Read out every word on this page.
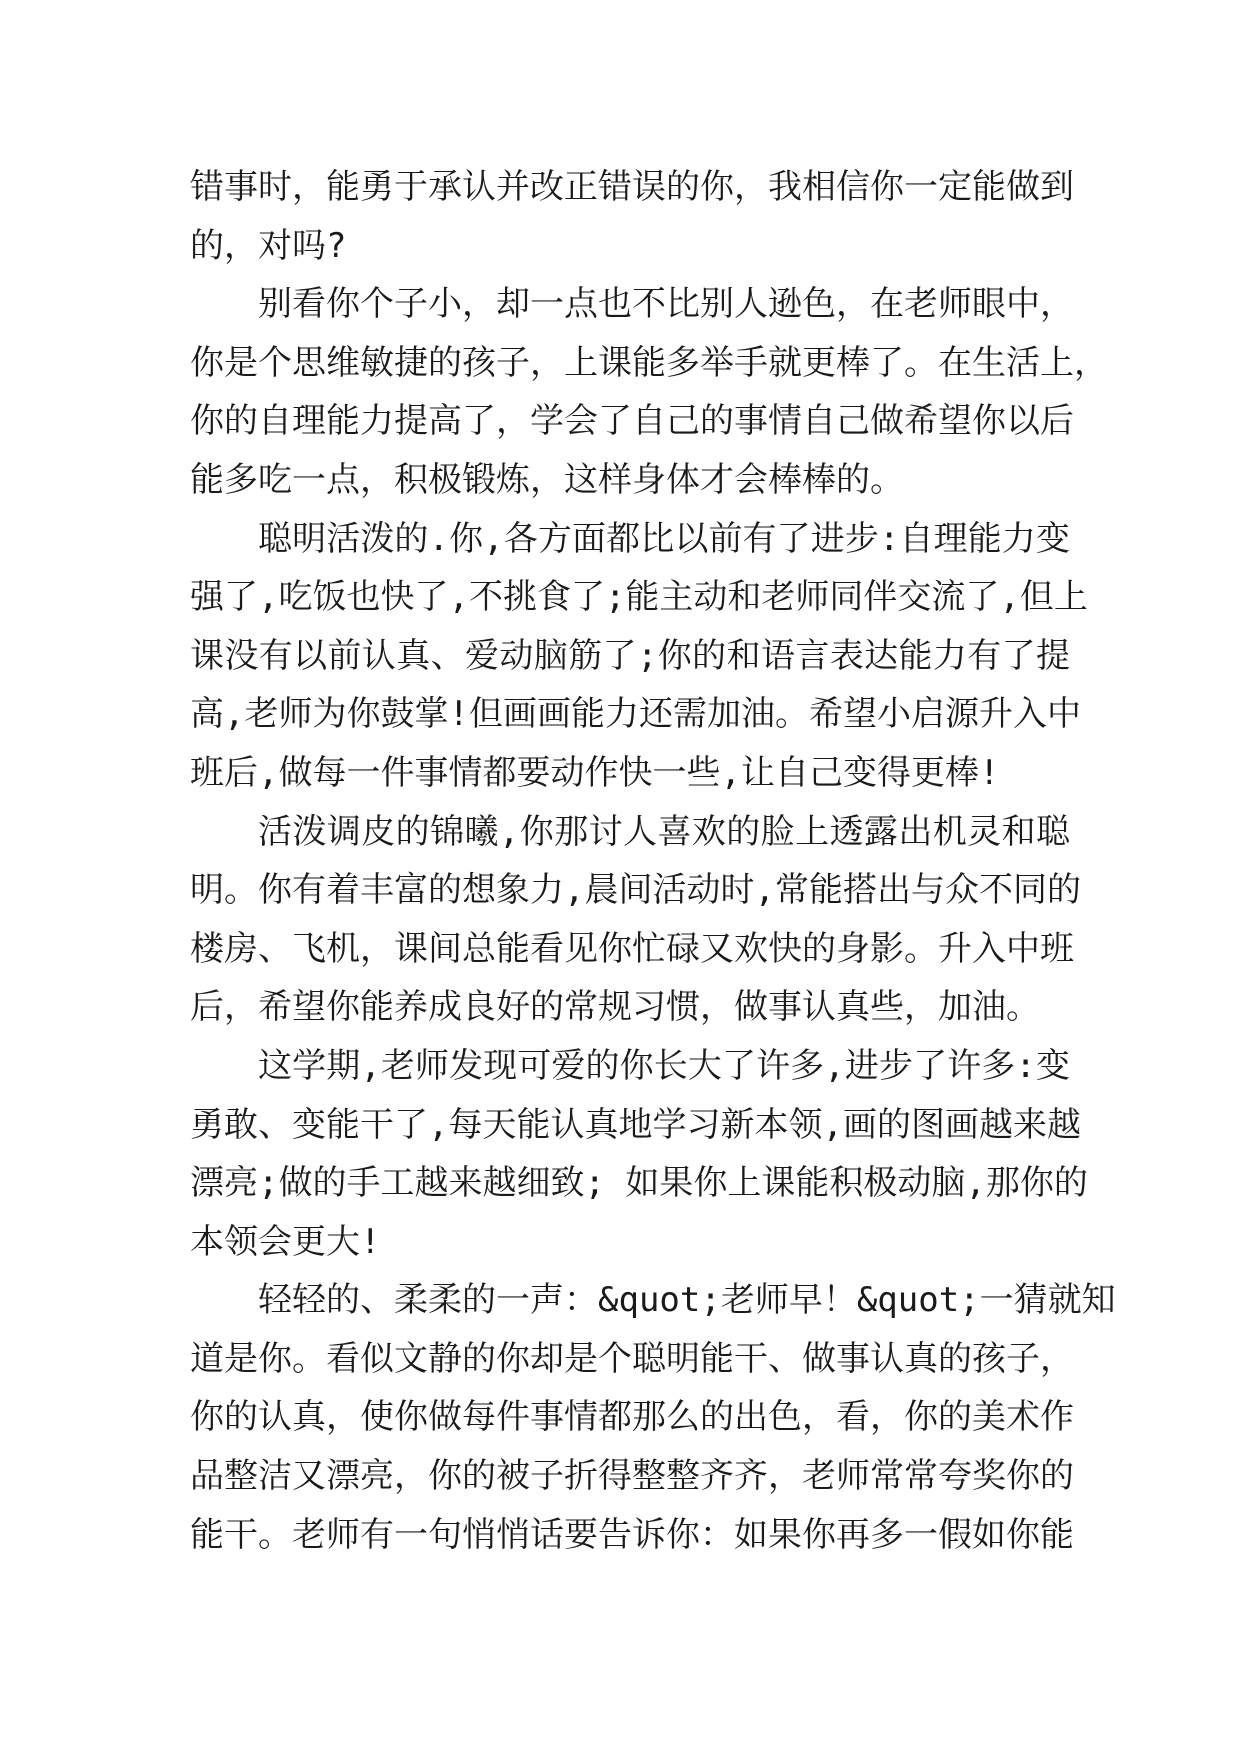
错事时，能勇于承认并改正错误的你，我相信你一定能做到
的，对吗?
别看你个子小，却一点也不比别人逊色，在老师眼中，
你是个思维敏捷的孩子，上课能多举手就更棒了。在生活上，
你的自理能力提高了，学会了自己的事情自己做希望你以后
能多吃一点，积极锻炼，这样身体才会棒棒的。
聪明活泼的.你,各方面都比以前有了进步:自理能力变
强了,吃饭也快了,不挑食了;能主动和老师同伴交流了,但上
课没有以前认真、爱动脑筋了;你的和语言表达能力有了提
高,老师为你鼓掌!但画画能力还需加油。希望小启源升入中
班后,做每一件事情都要动作快一些,让自己变得更棒!
活泼调皮的锦曦,你那讨人喜欢的脸上透露出机灵和聪
明。你有着丰富的想象力,晨间活动时,常能搭出与众不同的
楼房、飞机，课间总能看见你忙碌又欢快的身影。升入中班
后，希望你能养成良好的常规习惯，做事认真些，加油。
这学期,老师发现可爱的你长大了许多,进步了许多:变
勇敢、变能干了,每天能认真地学习新本领,画的图画越来越
漂亮;做的手工越来越细致; 如果你上课能积极动脑,那你的
本领会更大!
轻轻的、柔柔的一声：&quot;老师早！&quot;一猜就知
道是你。看似文静的你却是个聪明能干、做事认真的孩子，
你的认真，使你做每件事情都那么的出色，看，你的美术作
品整洁又漂亮，你的被子折得整整齐齐，老师常常夸奖你的
能干。老师有一句悄悄话要告诉你：如果你再多一假如你能
